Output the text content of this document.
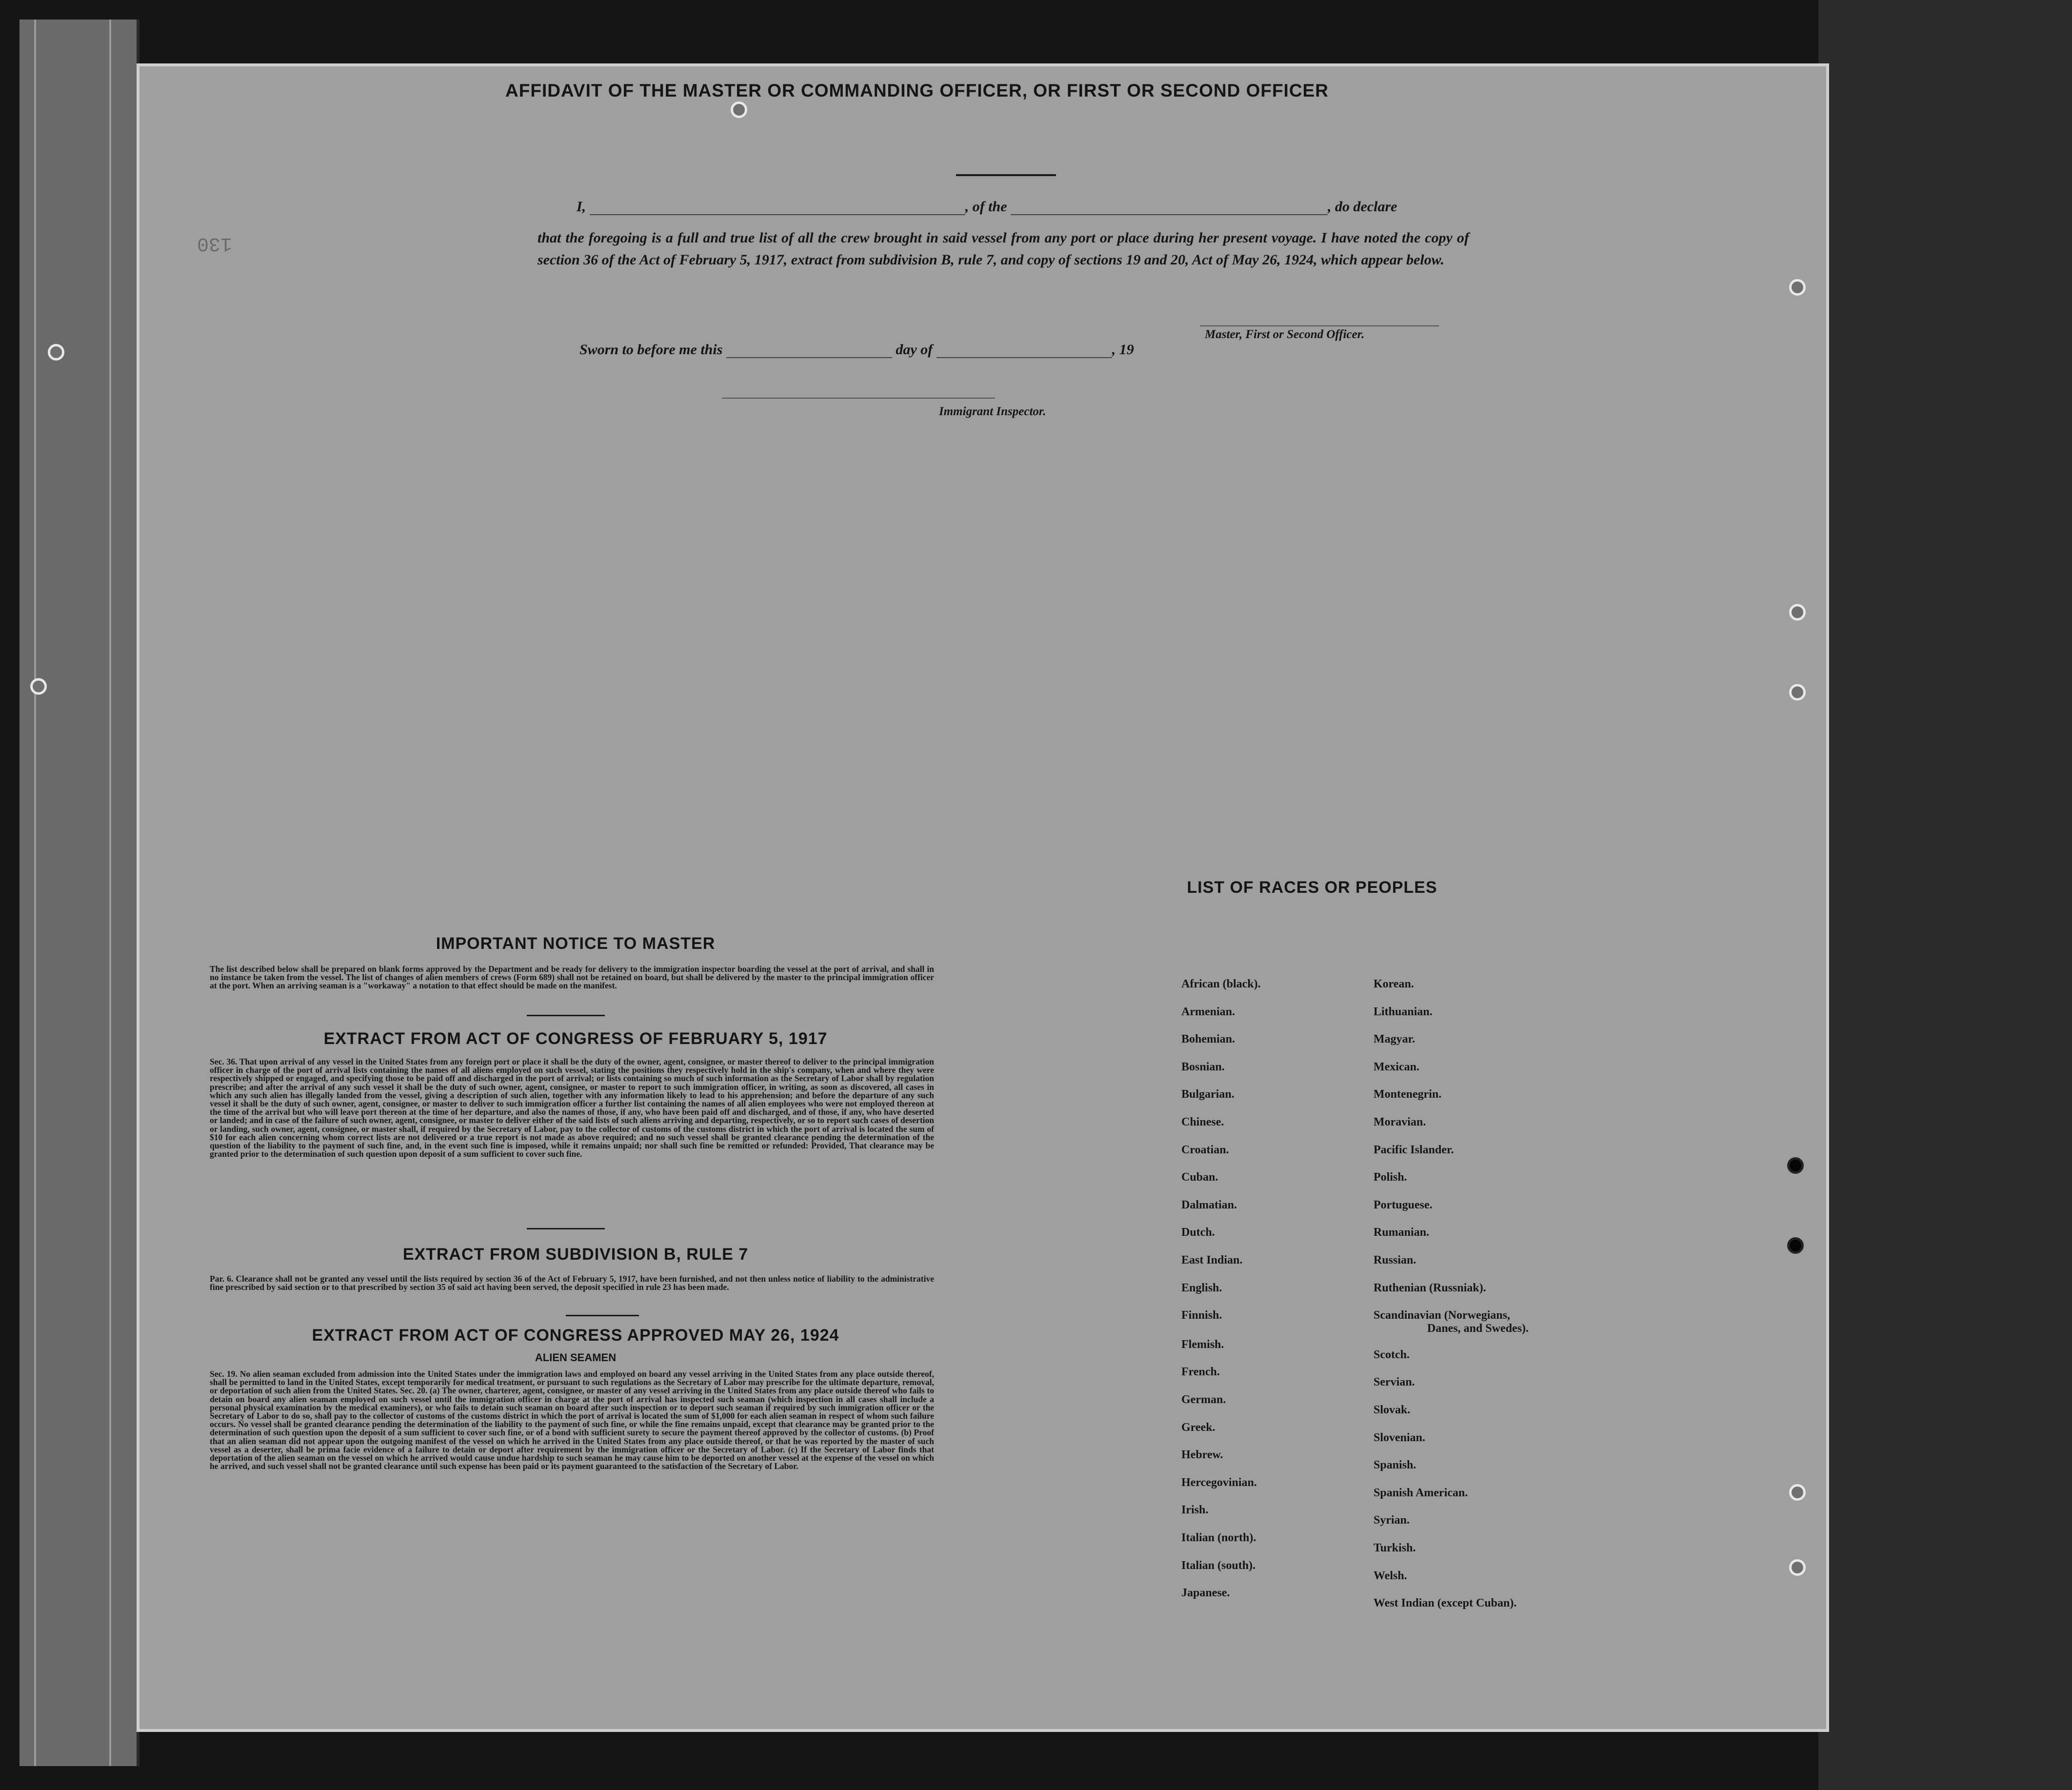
130
AFFIDAVIT OF THE MASTER OR COMMANDING OFFICER, OR FIRST OR SECOND OFFICER
I,	, of the	, do declare
that the foregoing is a full and true list of all the crew brought in said vessel from any port or place during her present voyage. I have noted the copy of section 36 of the Act of February 5, 1917, extract from subdivision B, rule 7, and copy of sections 19 and 20, Act of May 26, 1924, which appear below.
Master, First or Second Officer.
Sworn to before me this	day of	, 19
Immigrant Inspector.
IMPORTANT NOTICE TO MASTER
The list described below shall be prepared on blank forms approved by the Department and be ready for delivery to the immigration inspector boarding the vessel at the port of arrival, and shall in no instance be taken from the vessel. The list of changes of alien members of crews (Form 689) shall not be retained on board, but shall be delivered by the master to the principal immigration officer at the port. When an arriving seaman is a "workaway" a notation to that effect should be made on the manifest.
EXTRACT FROM ACT OF CONGRESS OF FEBRUARY 5, 1917
Sec. 36. That upon arrival of any vessel in the United States from any foreign port or place it shall be the duty of the owner, agent, consignee, or master thereof to deliver to the principal immigration officer in charge of the port of arrival lists containing the names of all aliens employed on such vessel, stating the positions they respectively hold in the ship's company, when and where they were respectively shipped or engaged, and specifying those to be paid off and discharged in the port of arrival; or lists containing so much of such information as the Secretary of Labor shall by regulation prescribe; and after the arrival of any such vessel it shall be the duty of such owner, agent, consignee, or master to report to such immigration officer, in writing, as soon as discovered, all cases in which any such alien has illegally landed from the vessel, giving a description of such alien, together with any information likely to lead to his apprehension; and before the departure of any such vessel it shall be the duty of such owner, agent, consignee, or master to deliver to such immigration officer a further list containing the names of all alien employees who were not employed thereon at the time of the arrival but who will leave port thereon at the time of her departure, and also the names of those, if any, who have been paid off and discharged, and of those, if any, who have deserted or landed; and in case of the failure of such owner, agent, consignee, or master to deliver either of the said lists of such aliens arriving and departing, respectively, or so to report such cases of desertion or landing, such owner, agent, consignee, or master shall, if required by the Secretary of Labor, pay to the collector of customs of the customs district in which the port of arrival is located the sum of $10 for each alien concerning whom correct lists are not delivered or a true report is not made as above required; and no such vessel shall be granted clearance pending the determination of the question of the liability to the payment of such fine, and, in the event such fine is imposed, while it remains unpaid; nor shall such fine be remitted or refunded: Provided, That clearance may be granted prior to the determination of such question upon deposit of a sum sufficient to cover such fine.
EXTRACT FROM SUBDIVISION B, RULE 7
Par. 6. Clearance shall not be granted any vessel until the lists required by section 36 of the Act of February 5, 1917, have been furnished, and not then unless notice of liability to the administrative fine prescribed by said section or to that prescribed by section 35 of said act having been served, the deposit specified in rule 23 has been made.
EXTRACT FROM ACT OF CONGRESS APPROVED MAY 26, 1924
ALIEN SEAMEN
Sec. 19. No alien seaman excluded from admission into the United States under the immigration laws and employed on board any vessel arriving in the United States from any place outside thereof, shall be permitted to land in the United States, except temporarily for medical treatment, or pursuant to such regulations as the Secretary of Labor may prescribe for the ultimate departure, removal, or deportation of such alien from the United States. Sec. 20. (a) The owner, charterer, agent, consignee, or master of any vessel arriving in the United States from any place outside thereof who fails to detain on board any alien seaman employed on such vessel until the immigration officer in charge at the port of arrival has inspected such seaman (which inspection in all cases shall include a personal physical examination by the medical examiners), or who fails to detain such seaman on board after such inspection or to deport such seaman if required by such immigration officer or the Secretary of Labor to do so, shall pay to the collector of customs of the customs district in which the port of arrival is located the sum of $1,000 for each alien seaman in respect of whom such failure occurs. No vessel shall be granted clearance pending the determination of the liability to the payment of such fine, or while the fine remains unpaid, except that clearance may be granted prior to the determination of such question upon the deposit of a sum sufficient to cover such fine, or of a bond with sufficient surety to secure the payment thereof approved by the collector of customs. (b) Proof that an alien seaman did not appear upon the outgoing manifest of the vessel on which he arrived in the United States from any place outside thereof, or that he was reported by the master of such vessel as a deserter, shall be prima facie evidence of a failure to detain or deport after requirement by the immigration officer or the Secretary of Labor. (c) If the Secretary of Labor finds that deportation of the alien seaman on the vessel on which he arrived would cause undue hardship to such seaman he may cause him to be deported on another vessel at the expense of the vessel on which he arrived, and such vessel shall not be granted clearance until such expense has been paid or its payment guaranteed to the satisfaction of the Secretary of Labor.
LIST OF RACES OR PEOPLES
African (black).
Armenian.
Bohemian.
Bosnian.
Bulgarian.
Chinese.
Croatian.
Cuban.
Dalmatian.
Dutch.
East Indian.
English.
Finnish.
Flemish.
French.
German.
Greek.
Hebrew.
Hercegovinian.
Irish.
Italian (north).
Italian (south).
Japanese.
Korean.
Lithuanian.
Magyar.
Mexican.
Montenegrin.
Moravian.
Pacific Islander.
Polish.
Portuguese.
Rumanian.
Russian.
Ruthenian (Russniak).
Scandinavian (Norwegians,
Scotch.
Servian.
Slovak.
Slovenian.
Spanish.
Spanish American.
Syrian.
Turkish.
Welsh.
West Indian (except Cuban).
Danes, and Swedes).
